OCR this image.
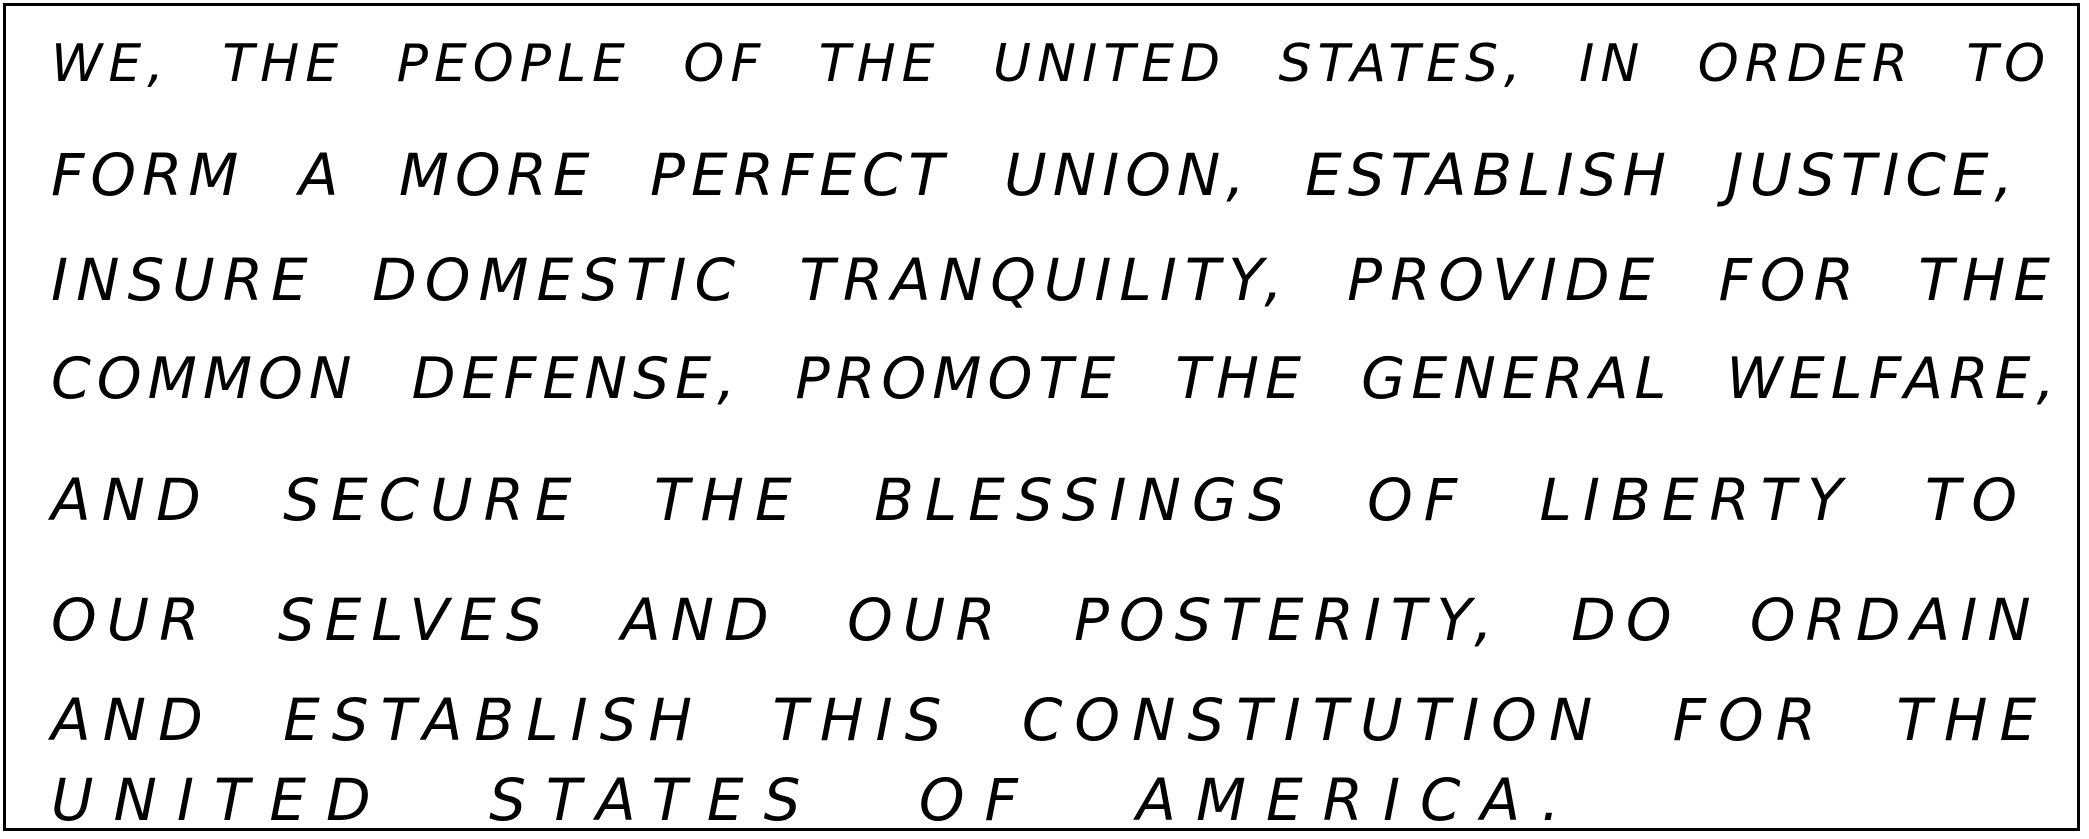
WE, THE PEOPLE OF THE UNITED STATES, IN ORDER TO
FORM A MORE PERFECT UNION, ESTABLISH JUSTICE,
INSURE DOMESTIC TRANQUILITY, PROVIDE FOR THE
COMMON DEFENSE, PROMOTE THE GENERAL WELFARE,
AND SECURE THE BLESSINGS OF LIBERTY TO
OUR SELVES AND OUR POSTERITY, DO ORDAIN
AND ESTABLISH THIS CONSTITUTION FOR THE
UNITED STATES OF AMERICA.
